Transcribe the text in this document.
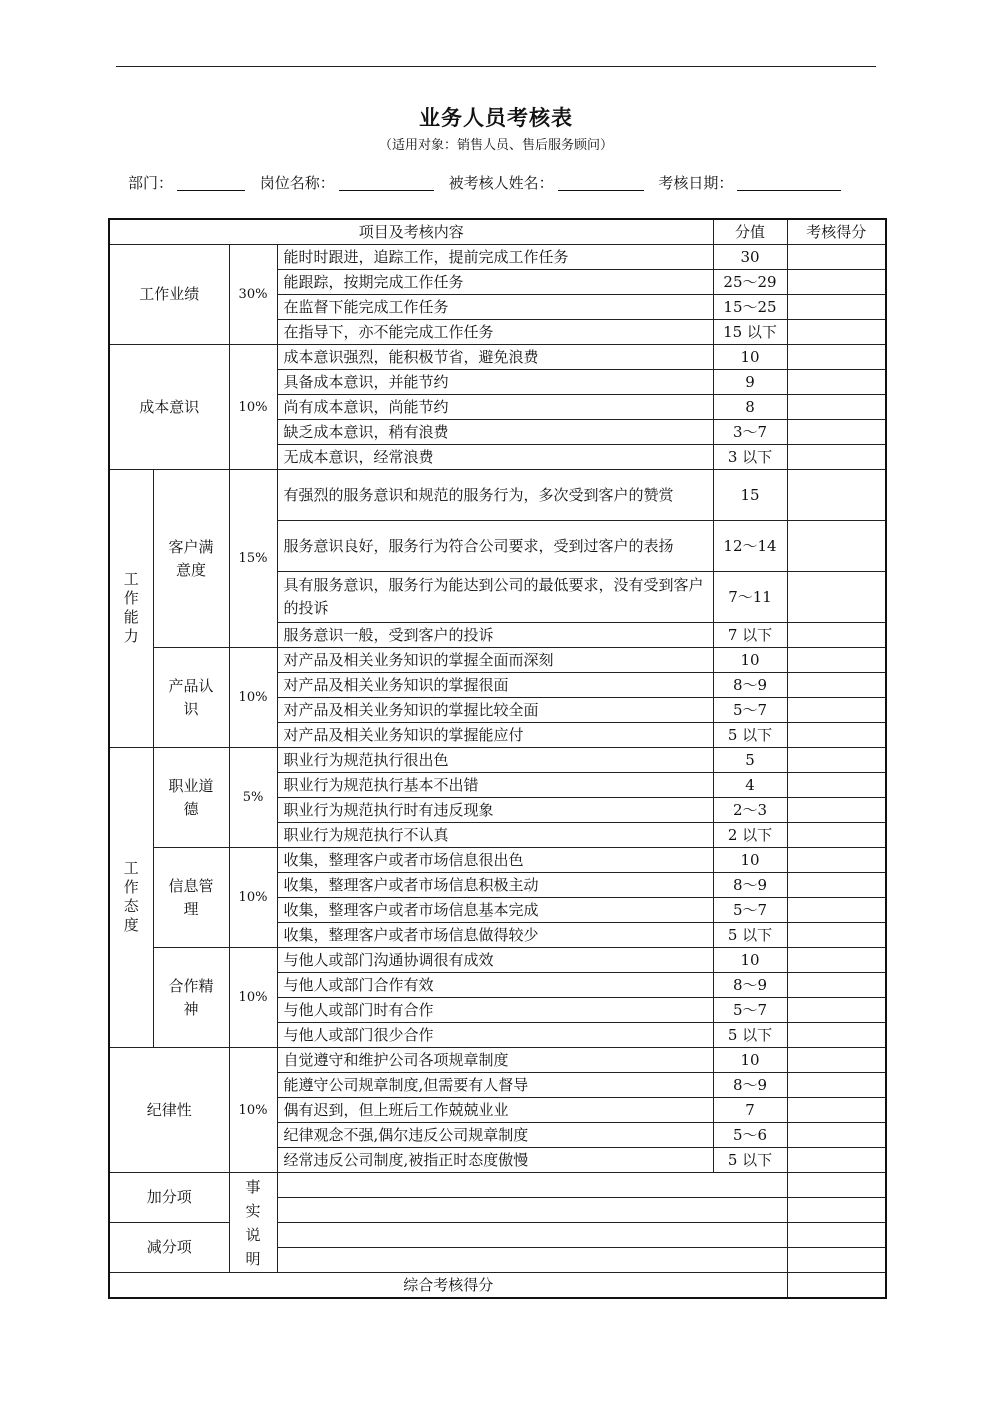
业务人员考核表
（适用对象：销售人员、售后服务顾问）
部门：	岗位名称：	被考核人姓名：	考核日期：
项目及考核内容				分值	考核得分
工作业绩		30%	能时时跟进，追踪工作，提前完成工作任务	30	
			能跟踪，按期完成工作任务	25～29	
			在监督下能完成工作任务	15～25	
			在指导下，亦不能完成工作任务	15 以下	
成本意识		10%	成本意识强烈，能积极节省，避免浪费	10	
			具备成本意识，并能节约	9	
			尚有成本意识，尚能节约	8	
			缺乏成本意识，稍有浪费	3～7	
			无成本意识，经常浪费	3 以下	
工作能力	客户满意度	15%	有强烈的服务意识和规范的服务行为，多次受到客户的赞赏	15	
			服务意识良好，服务行为符合公司要求，受到过客户的表扬	12～14	
			具有服务意识，服务行为能达到公司的最低要求，没有受到客户的投诉	7～11	
			服务意识一般，受到客户的投诉	7 以下	
	产品认识	10%	对产品及相关业务知识的掌握全面而深刻	10	
			对产品及相关业务知识的掌握很面	8～9	
			对产品及相关业务知识的掌握比较全面	5～7	
			对产品及相关业务知识的掌握能应付	5 以下	
工作态度	职业道德	5%	职业行为规范执行很出色	5	
			职业行为规范执行基本不出错	4	
			职业行为规范执行时有违反现象	2～3	
			职业行为规范执行不认真	2 以下	
	信息管理	10%	收集，整理客户或者市场信息很出色	10	
			收集，整理客户或者市场信息积极主动	8～9	
			收集，整理客户或者市场信息基本完成	5～7	
			收集，整理客户或者市场信息做得较少	5 以下	
	合作精神	10%	与他人或部门沟通协调很有成效	10	
			与他人或部门合作有效	8～9	
			与他人或部门时有合作	5～7	
			与他人或部门很少合作	5 以下	
纪律性		10%	自觉遵守和维护公司各项规章制度	10	
			能遵守公司规章制度,但需要有人督导	8～9	
			偶有迟到，但上班后工作兢兢业业	7	
			纪律观念不强,偶尔违反公司规章制度	5～6	
			经常违反公司制度,被指正时态度傲慢	5 以下	
加分项		事实说明			

减分项					

综合考核得分					
